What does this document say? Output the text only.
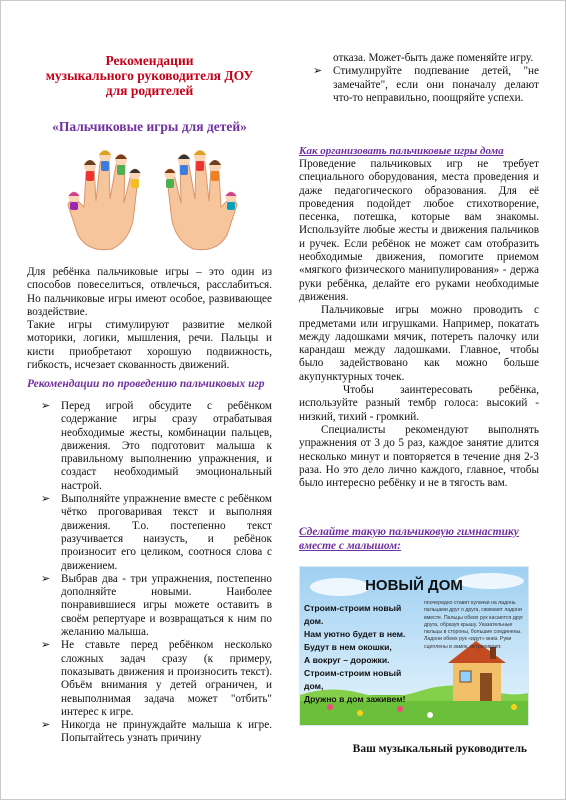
Рекомендации
музыкального руководителя ДОУ
для родителей
«Пальчиковые игры для детей»

Для ребёнка пальчиковые игры – это один из способов повеселиться, отвлечься, расслабиться. Но пальчиковые игры имеют особое, развивающее воздействие.

Такие игры стимулируют развитие мелкой моторики, логики, мышления, речи. Пальцы и кисти приобретают хорошую подвижность, гибкость, исчезает скованность движений.

Рекомендации по проведению пальчиковых игр
➢ Перед игрой обсудите с ребёнком содержание игры сразу отрабатывая необходимые жесты, комбинации пальцев, движения. Это подготовит малыша к правильному выполнению упражнения, и создаст необходимый эмоциональный настрой.
➢ Выполняйте упражнение вместе с ребёнком чётко проговаривая текст и выполняя движения. Т.о. постепенно текст разучивается наизусть, и ребёнок произносит его целиком, соотнося слова с движением.
➢ Выбрав два - три упражнения, постепенно дополняйте новыми. Наиболее понравившиеся игры можете оставить в своём репертуаре и возвращаться к ним по желанию малыша.
➢ Не ставьте перед ребёнком несколько сложных задач сразу (к примеру, показывать движения и произносить текст). Объём внимания у детей ограничен, и невыполнимая задача может "отбить" интерес к игре.
➢ Никогда не принуждайте малыша к игре. Попытайтесь узнать причину
отказа. Может-быть даже поменяйте игру.
➢ Стимулируйте подпевание детей, "не замечайте", если они поначалу делают что-то неправильно, поощряйте успехи.
Как организовать пальчиковые игры дома

Проведение пальчиковых игр не требует специального оборудования, места проведения и даже педагогического образования. Для её проведения подойдет любое стихотворение, песенка, потешка, которые вам знакомы. Используйте любые жесты и движения пальчиков и ручек. Если ребёнок не может сам отобразить необходимые движения, помогите приемом «мягкого физического манипулирования» - держа руки ребёнка, делайте его руками необходимые движения.

Пальчиковые игры можно проводить с предметами или игрушками. Например, покатать между ладошками мячик, потереть палочку или карандаш между ладошками. Главное, чтобы было задействовано как можно больше акупунктурных точек.

Чтобы заинтересовать ребёнка, используйте разный тембр голоса: высокий - низкий, тихий - громкий.

Специалисты рекомендуют выполнять упражнения от 3 до 5 раз, каждое занятие длится несколько минут и повторяется в течение дня 2-3 раза. Но это дело лично каждого, главное, чтобы было интересно ребёнку и не в тягость вам.

Сделайте такую пальчиковую гимнастику вместе с малышом:
НОВЫЙ ДОМ
Строим-строим новый дом.
Нам уютно будет в нем.
Будут в нем окошки,
А вокруг – дорожки.
Строим-строим новый дом,
Дружно в дом заживем!
поочередно ставят кулачки на ладонь пальцами друг о друга, сжимают ладони вместе. Пальцы обеих рук касаются друг друга, образуя крышу. Указательные пальцы в стороны, большие соединены. Ладони обеих рук «идут» вниз. Руки сцеплены в замок, встряхивают.
Ваш музыкальный руководитель
